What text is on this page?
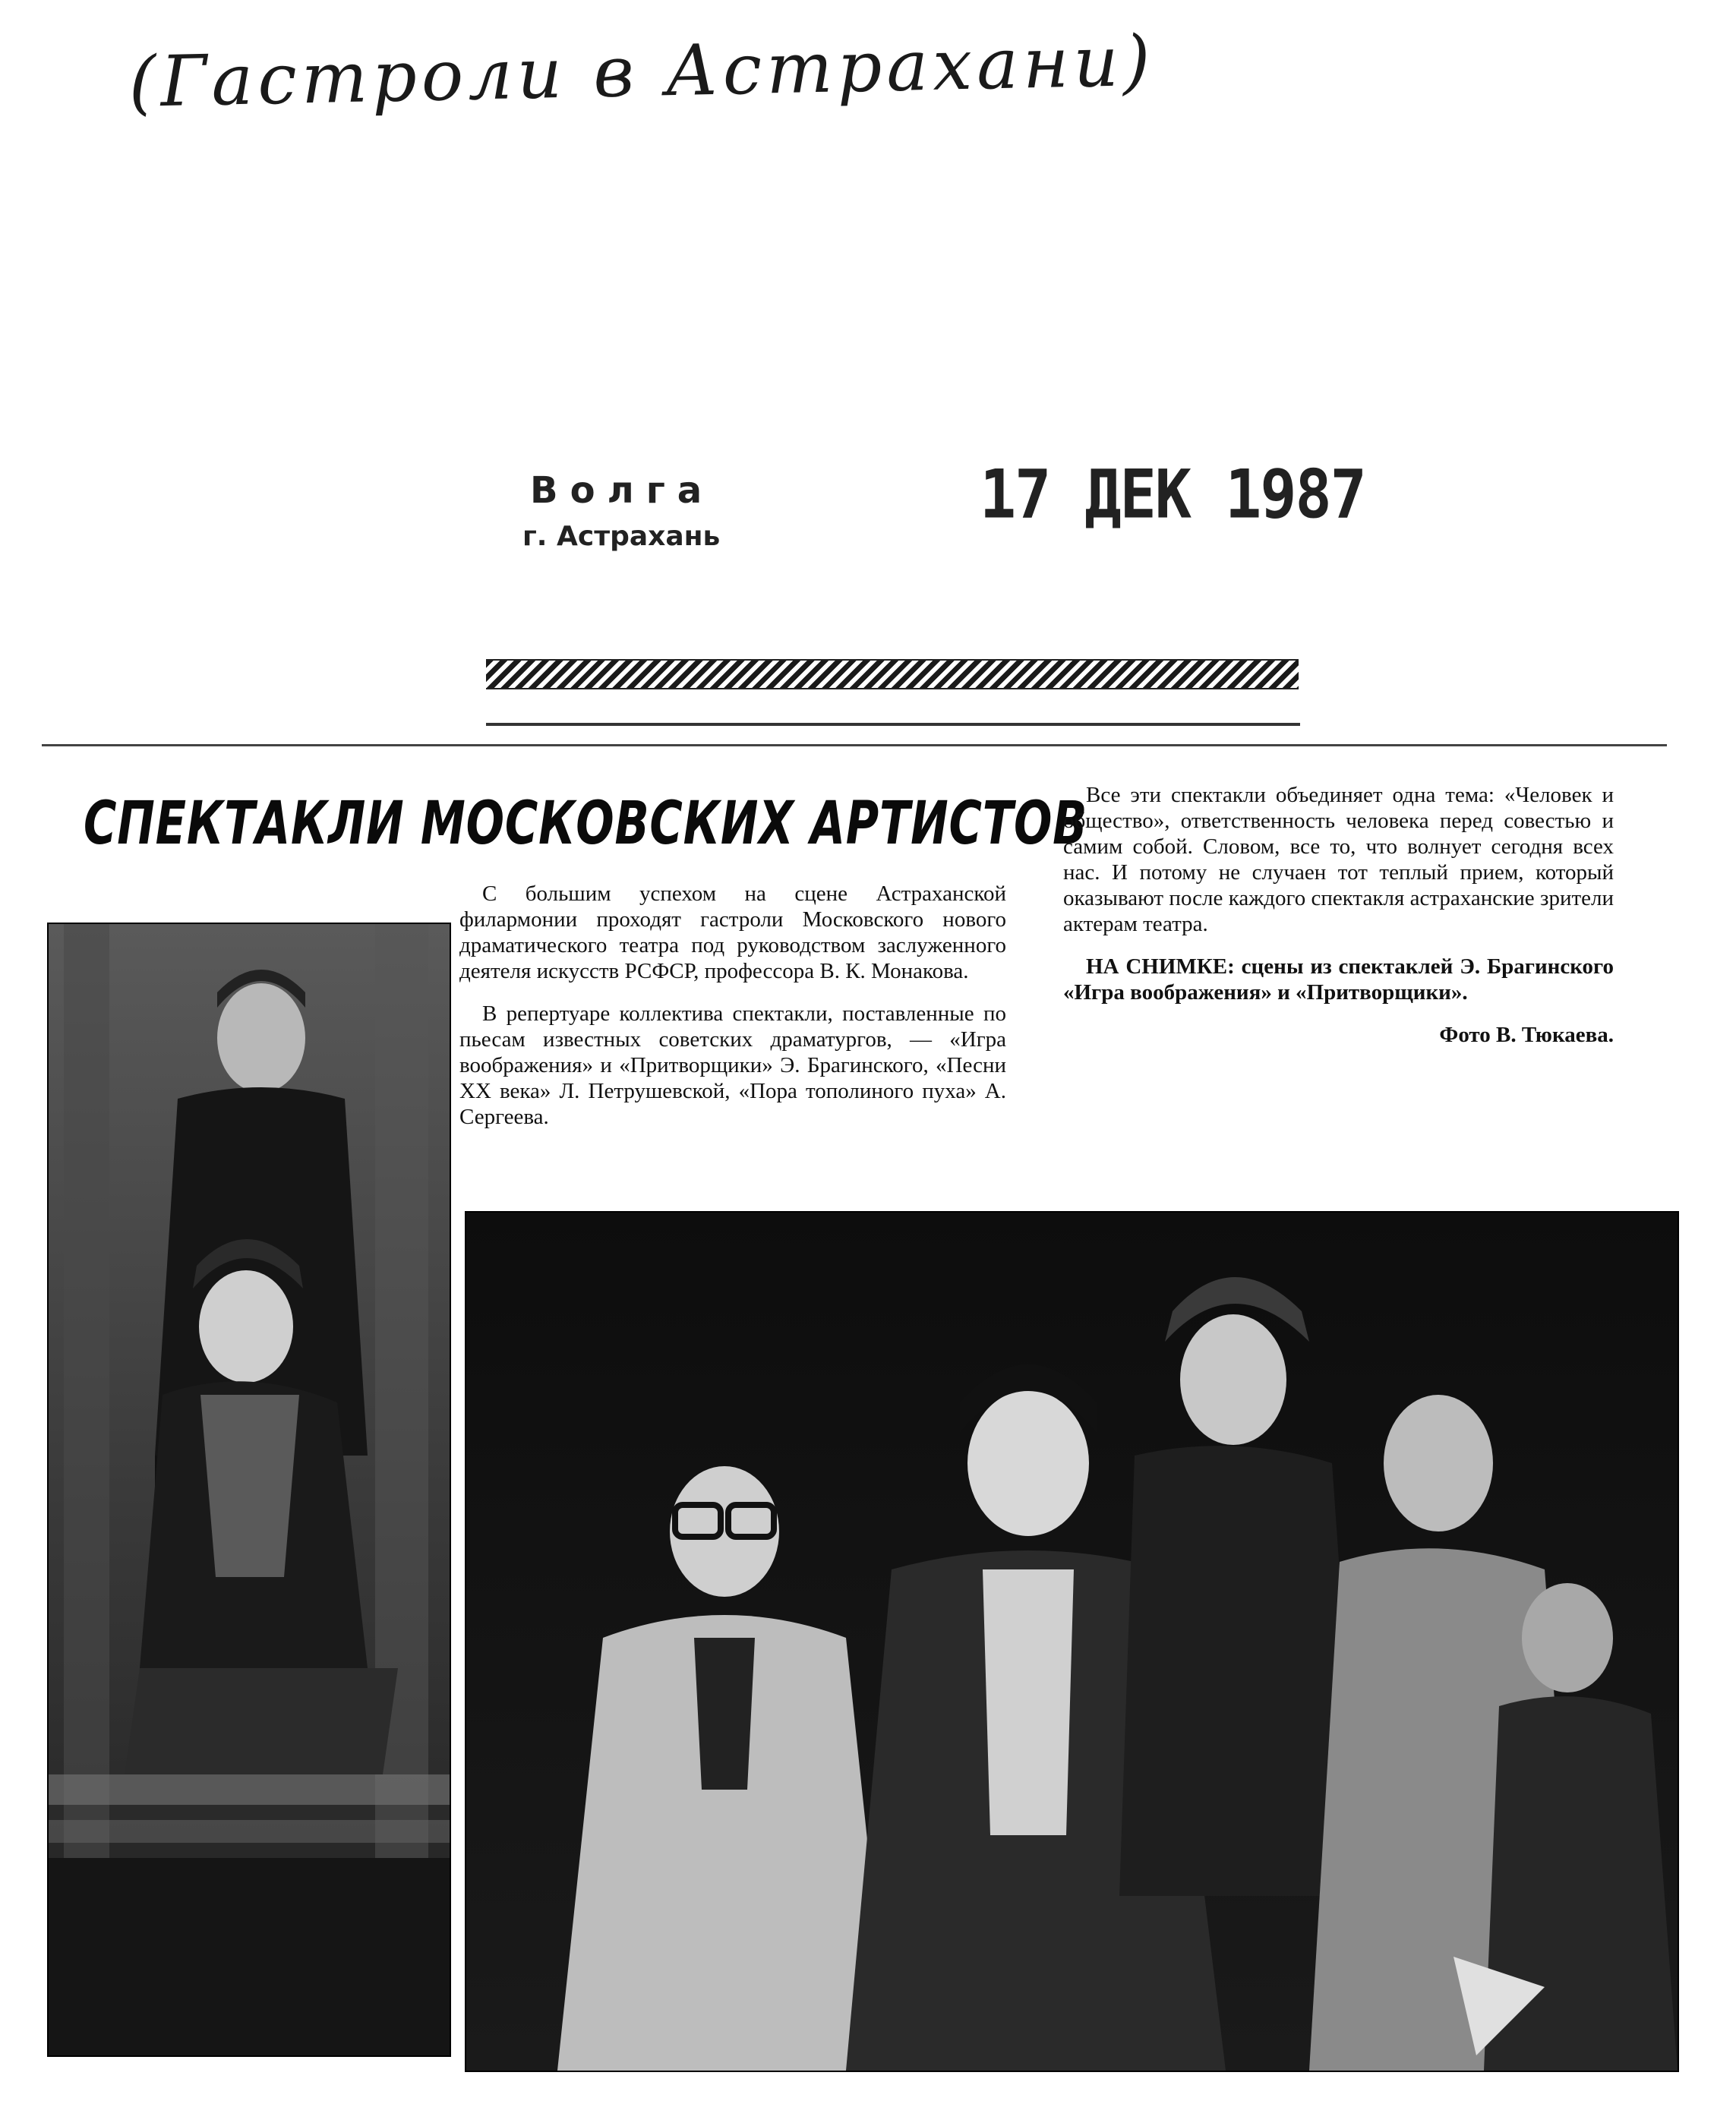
(Гастроли в Астрахани)
Волга
г. Астрахань
17 ДЕК 1987
СПЕКТАКЛИ МОСКОВСКИХ АРТИСТОВ

С большим успехом на сцене Астраханской филармонии проходят гастроли Московского нового драматического театра под руководством заслуженного деятеля искусств РСФСР, профессора В. К. Монакова.

В репертуаре коллектива спектакли, поставленные по пьесам известных советских драматургов, — «Игра воображения» и «Притворщики» Э. Брагинского, «Песни XX века» Л. Петрушевской, «Пора тополиного пуха» А. Сергеева.

Все эти спектакли объединяет одна тема: «Человек и общество», ответственность человека перед совестью и самим собой. Словом, все то, что волнует сегодня всех нас. И потому не случаен тот теплый прием, который оказывают после каждого спектакля астраханские зрители актерам театра.

НА СНИМКЕ: сцены из спектаклей Э. Брагинского «Игра воображения» и «Притворщики».

Фото В. Тюкаева.
